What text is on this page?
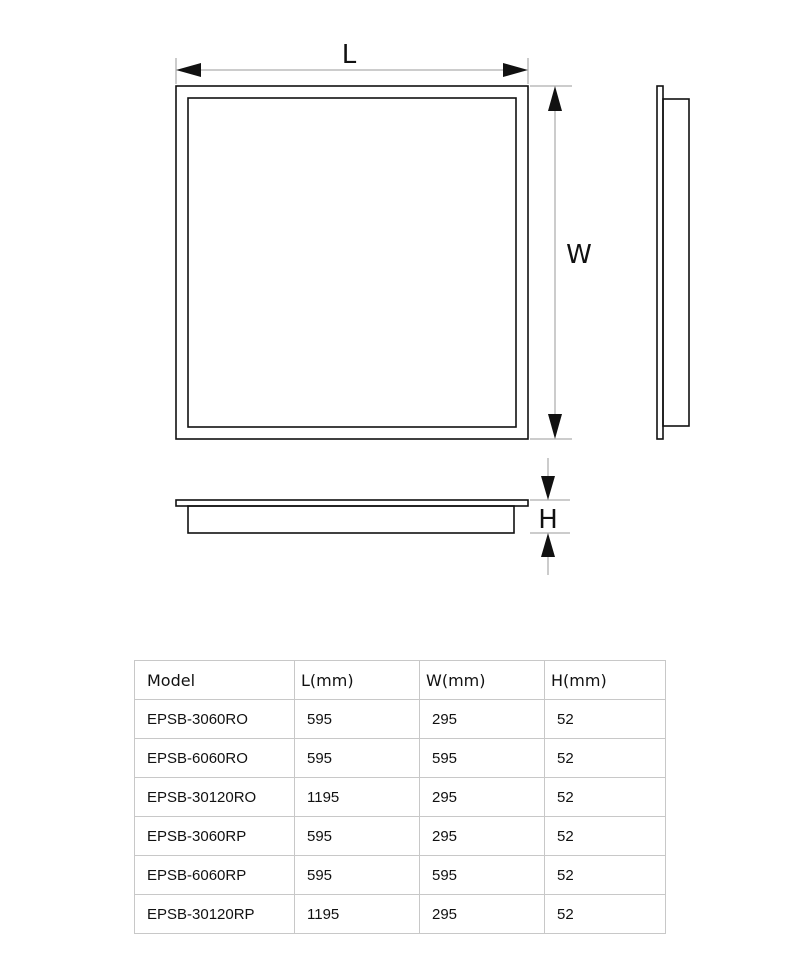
L
W
H
Model	L(mm)	W(mm)	H(mm)
EPSB-3060RO	595	295	52
EPSB-6060RO	595	595	52
EPSB-30120RO	1195	295	52
EPSB-3060RP	595	295	52
EPSB-6060RP	595	595	52
EPSB-30120RP	1195	295	52
